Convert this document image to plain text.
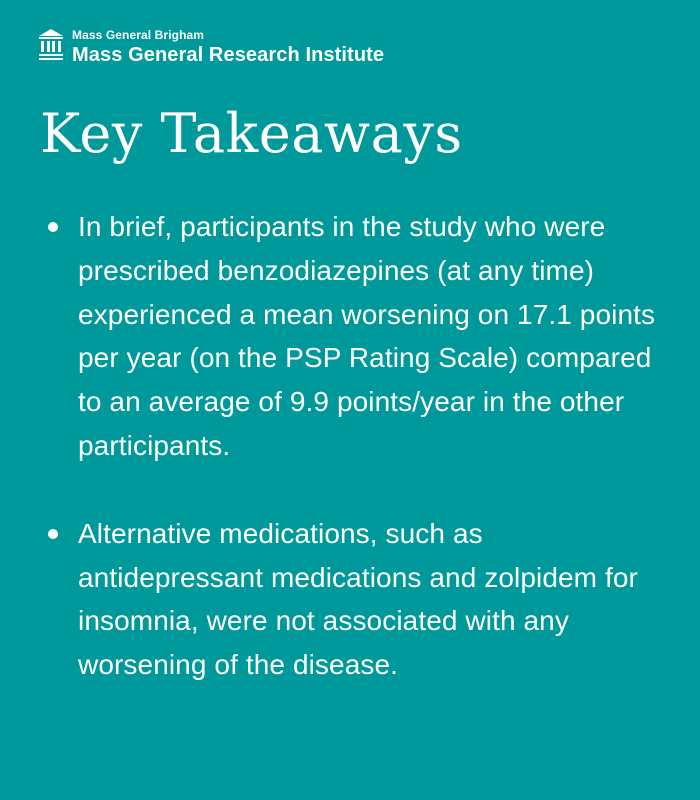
Mass General Brigham
Mass General Research Institute
Key Takeaways
In brief, participants in the study who were prescribed benzodiazepines (at any time) experienced a mean worsening on 17.1 points per year (on the PSP Rating Scale) compared to an average of 9.9 points/year in the other participants.
Alternative medications, such as antidepressant medications and zolpidem for insomnia, were not associated with any worsening of the disease.
